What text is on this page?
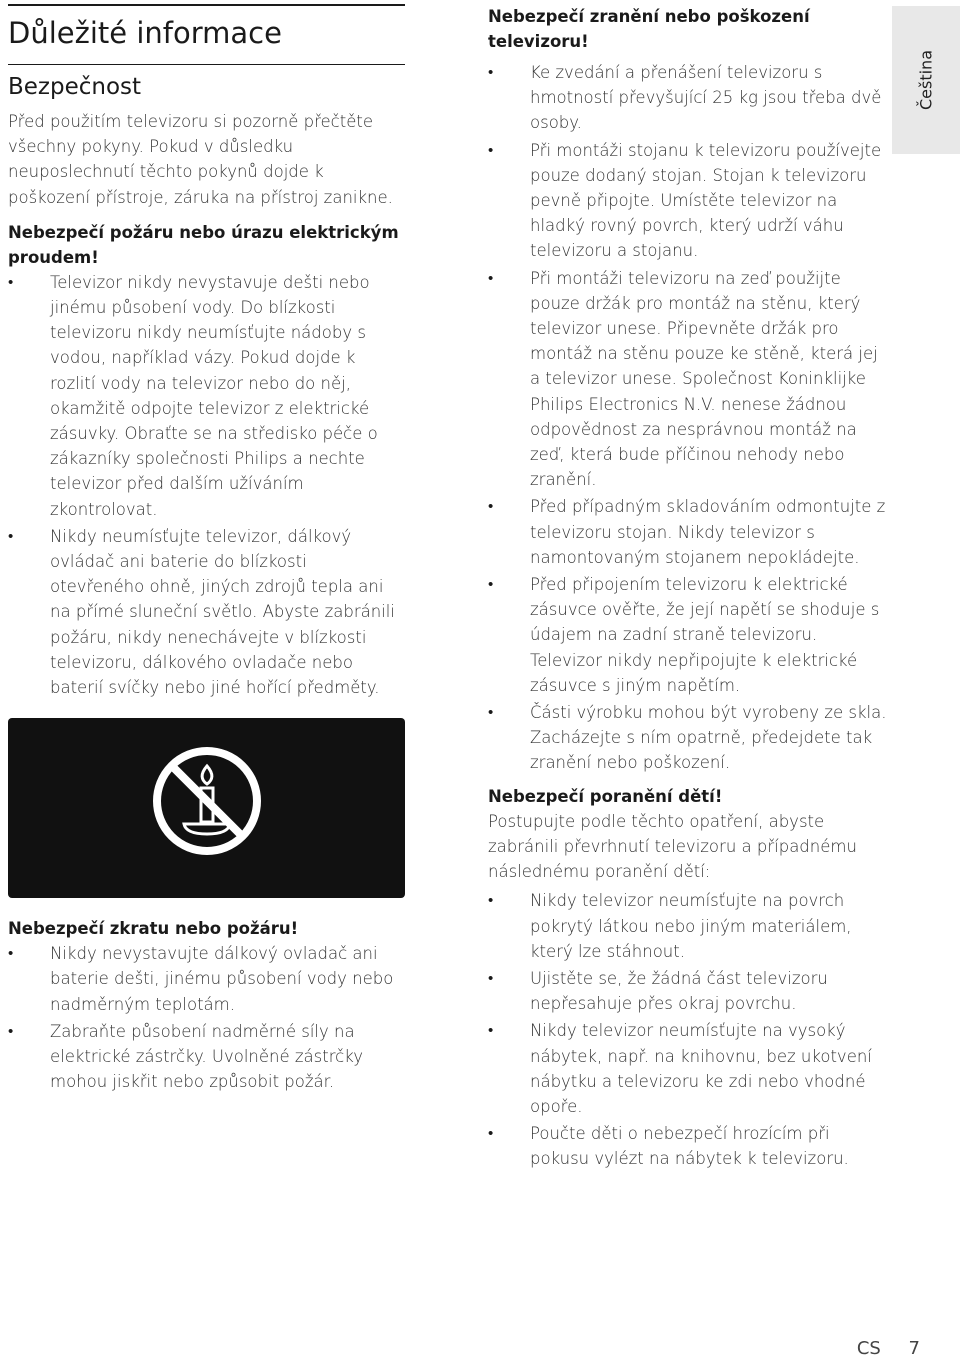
Důležité informace
Bezpečnost

Před použitím televizoru si pozorně přečtěte všechny pokyny. Pokud v důsledku neuposlechnutí těchto pokynů dojde k poškození přístroje, záruka na přístroj zanikne.

Nebezpečí požáru nebo úrazu elektrickým proudem!
• Televizor nikdy nevystavuje dešti nebo jinému působení vody. Do blízkosti televizoru nikdy neumísťujte nádoby s vodou, například vázy. Pokud dojde k rozlití vody na televizor nebo do něj, okamžitě odpojte televizor z elektrické zásuvky. Obraťte se na středisko péče o zákazníky společnosti Philips a nechte televizor před dalším užíváním zkontrolovat.
• Nikdy neumísťujte televizor, dálkový ovládač ani baterie do blízkosti otevřeného ohně, jiných zdrojů tepla ani na přímé sluneční světlo. Abyste zabránili požáru, nikdy nenechávejte v blízkosti televizoru, dálkového ovladače nebo baterií svíčky nebo jiné hořící předměty.
Nebezpečí zkratu nebo požáru!
• Nikdy nevystavujte dálkový ovladač ani baterie dešti, jinému působení vody nebo nadměrným teplotám.
• Zabraňte působení nadměrné síly na elektrické zástrčky. Uvolněné zástrčky mohou jiskřit nebo způsobit požár.
Nebezpečí zranění nebo poškození televizoru!
• Ke zvedání a přenášení televizoru s hmotností převyšující 25 kg jsou třeba dvě osoby.
• Při montáži stojanu k televizoru používejte pouze dodaný stojan. Stojan k televizoru pevně připojte. Umístěte televizor na hladký rovný povrch, který udrží váhu televizoru a stojanu.
• Při montáži televizoru na zeď použijte pouze držák pro montáž na stěnu, který televizor unese. Připevněte držák pro montáž na stěnu pouze ke stěně, která jej a televizor unese. Společnost Koninklijke Philips Electronics N.V. nenese žádnou odpovědnost za nesprávnou montáž na zeď, která bude příčinou nehody nebo zranění.
• Před případným skladováním odmontujte z televizoru stojan. Nikdy televizor s namontovaným stojanem nepokládejte.
• Před připojením televizoru k elektrické zásuvce ověřte, že její napětí se shoduje s údajem na zadní straně televizoru. Televizor nikdy nepřipojujte k elektrické zásuvce s jiným napětím.
• Části výrobku mohou být vyrobeny ze skla. Zacházejte s ním opatrně, předejdete tak zranění nebo poškození.
Nebezpečí poranění dětí!

Postupujte podle těchto opatření, abyste zabránili převrhnutí televizoru a případnému následnému poranění dětí:

• Nikdy televizor neumísťujte na povrch pokrytý látkou nebo jiným materiálem, který lze stáhnout.
• Ujistěte se, že žádná část televizoru nepřesahuje přes okraj povrchu.
• Nikdy televizor neumísťujte na vysoký nábytek, např. na knihovnu, bez ukotvení nábytku a televizoru ke zdi nebo vhodné opoře.
• Poučte děti o nebezpečí hrozícím při pokusu vylézt na nábytek k televizoru.
Čeština
CS 7
